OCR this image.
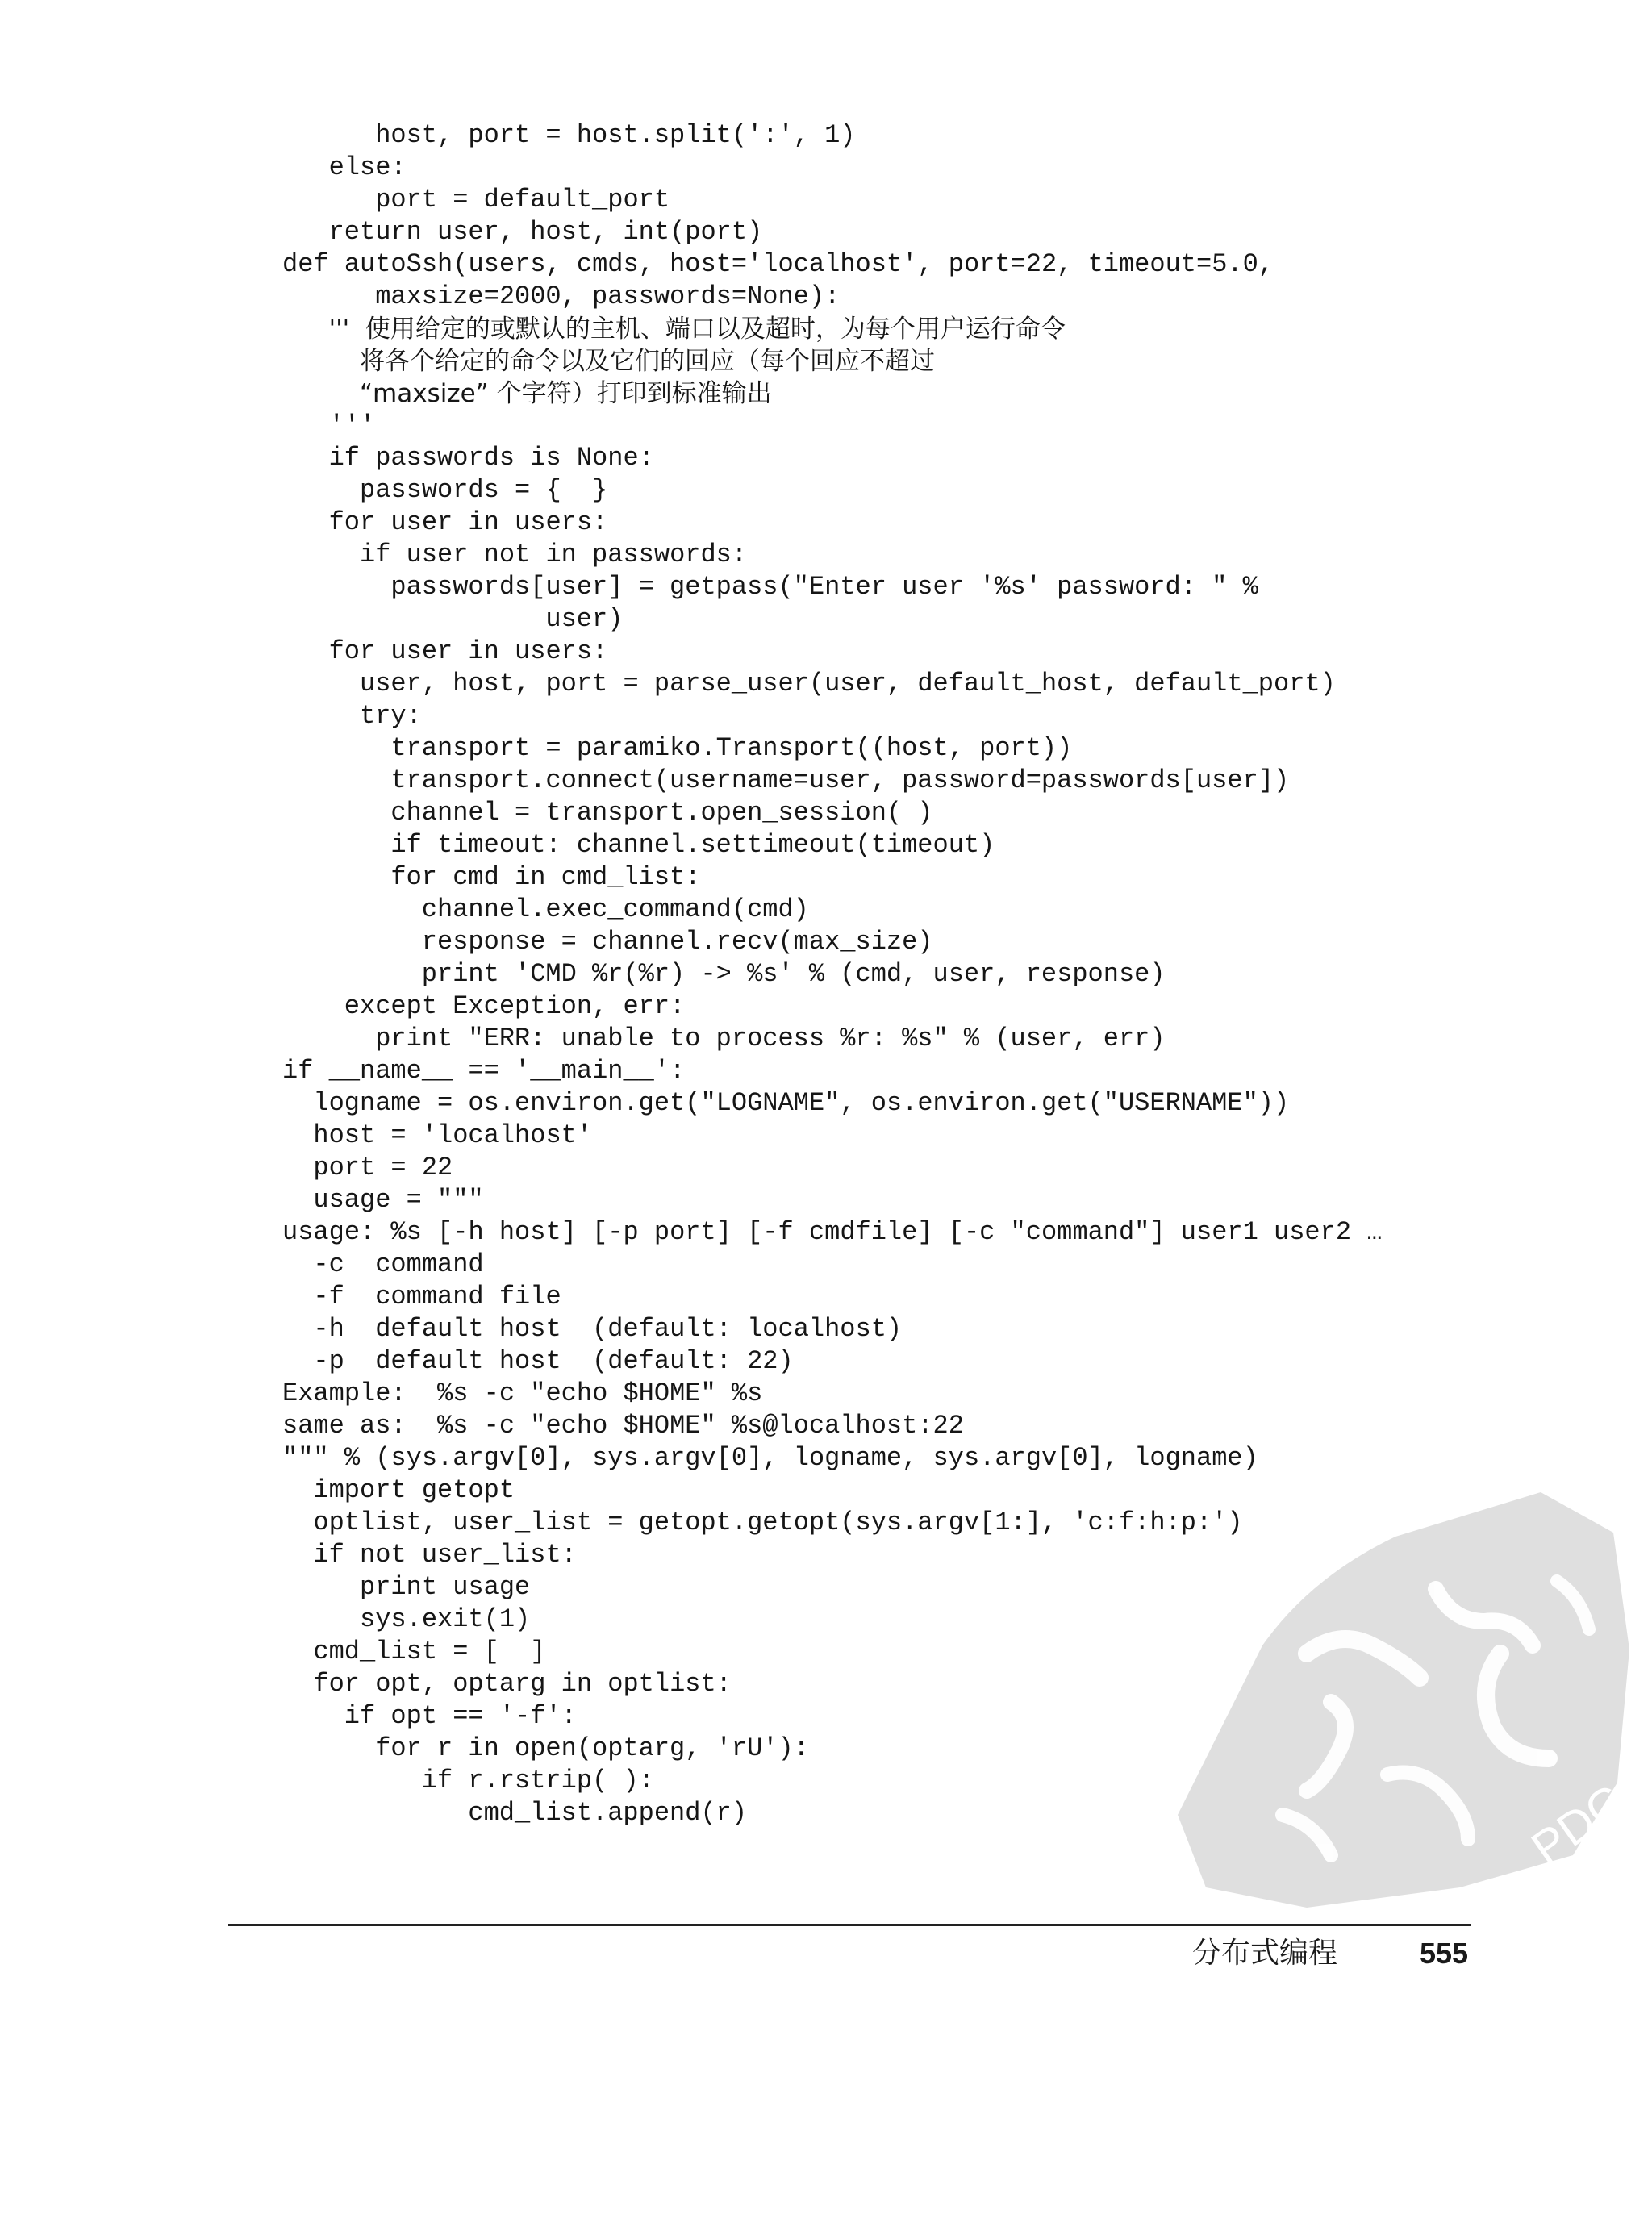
host, port = host.split(':', 1)
else:
port = default_port
return user, host, int(port)
def autoSsh(users, cmds, host='localhost', port=22, timeout=5.0,
maxsize=2000, passwords=None):
'''  使用给定的或默认的主机、端口以及超时，为每个用户运行命令
将各个给定的命令以及它们的回应（每个回应不超过
“maxsize” 个字符）打印到标准输出
'''
if passwords is None:
passwords = {  }
for user in users:
if user not in passwords:
passwords[user] = getpass("Enter user '%s' password: " %
user)
for user in users:
user, host, port = parse_user(user, default_host, default_port)
try:
transport = paramiko.Transport((host, port))
transport.connect(username=user, password=passwords[user])
channel = transport.open_session( )
if timeout: channel.settimeout(timeout)
for cmd in cmd_list:
channel.exec_command(cmd)
response = channel.recv(max_size)
print 'CMD %r(%r) -> %s' % (cmd, user, response)
except Exception, err:
print "ERR: unable to process %r: %s" % (user, err)
if __name__ == '__main__':
logname = os.environ.get("LOGNAME", os.environ.get("USERNAME"))
host = 'localhost'
port = 22
usage = """
usage: %s [-h host] [-p port] [-f cmdfile] [-c "command"] user1 user2 …
-c  command
-f  command file
-h  default host  (default: localhost)
-p  default host  (default: 22)
Example:  %s -c "echo $HOME" %s
same as:  %s -c "echo $HOME" %s@localhost:22
""" % (sys.argv[0], sys.argv[0], logname, sys.argv[0], logname)
import getopt
optlist, user_list = getopt.getopt(sys.argv[1:], 'c:f:h:p:')
if not user_list:
print usage
sys.exit(1)
cmd_list = [  ]
for opt, optarg in optlist:
if opt == '-f':
for r in open(optarg, 'rU'):
if r.rstrip( ):
cmd_list.append(r)	PDG
分布式编程	555
